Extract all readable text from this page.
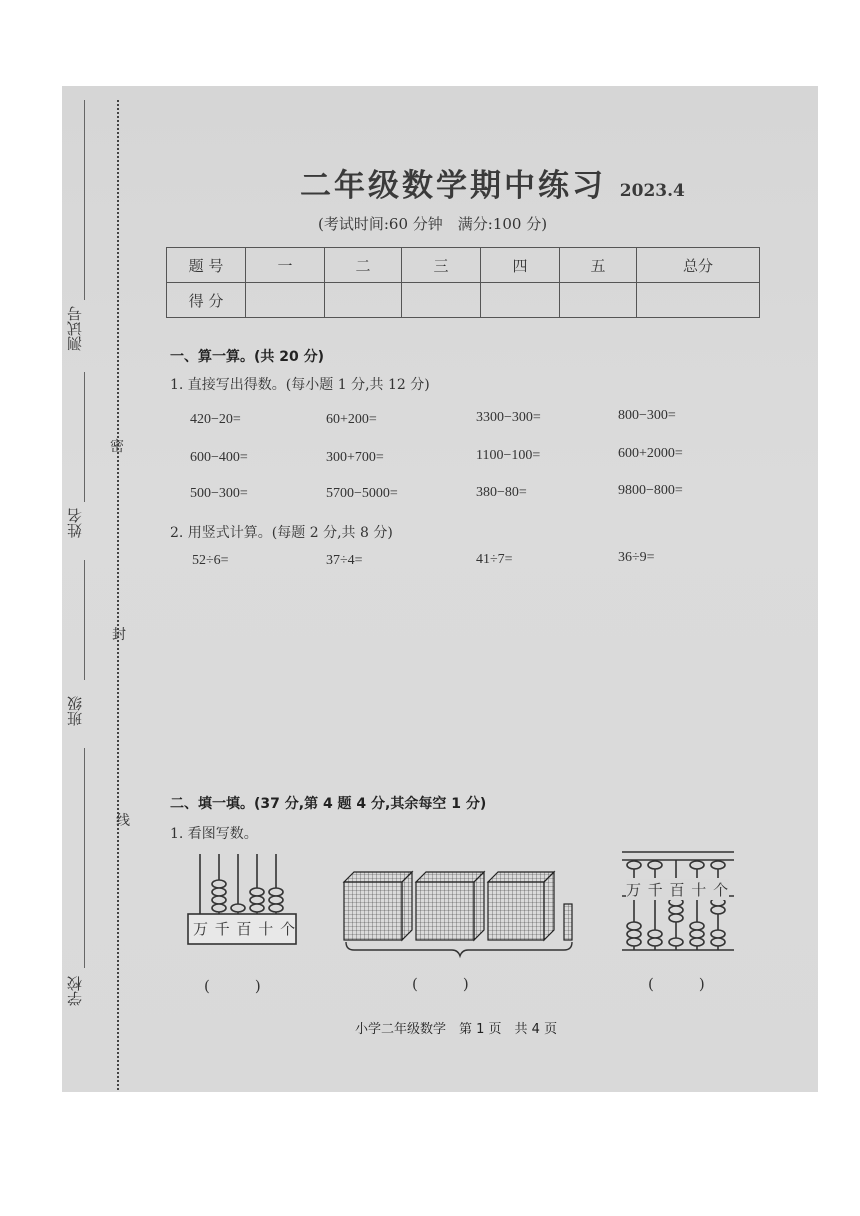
测试号
姓名
班级
学校
密
封
线
二年级数学期中练习 2023.4
(考试时间:60 分钟　满分:100 分)
题 号	一	二	三	四	五	总分
得 分						
一、算一算。(共 20 分)
1. 直接写出得数。(每小题 1 分,共 12 分)
420−20=	60+200=	3300−300=	800−300=
600−400=	300+700=	1100−100=	600+2000=
500−300=	5700−5000=	380−80=	9800−800=
2. 用竖式计算。(每题 2 分,共 8 分)
52÷6=	37÷4=	41÷7=	36÷9=
二、填一填。(37 分,第 4 题 4 分,其余每空 1 分)
1. 看图写数。
万 千 百 十 个
万 千 百 十 个
(　　　)	(　　　)	(　　　)
小学二年级数学　第 1 页　共 4 页
